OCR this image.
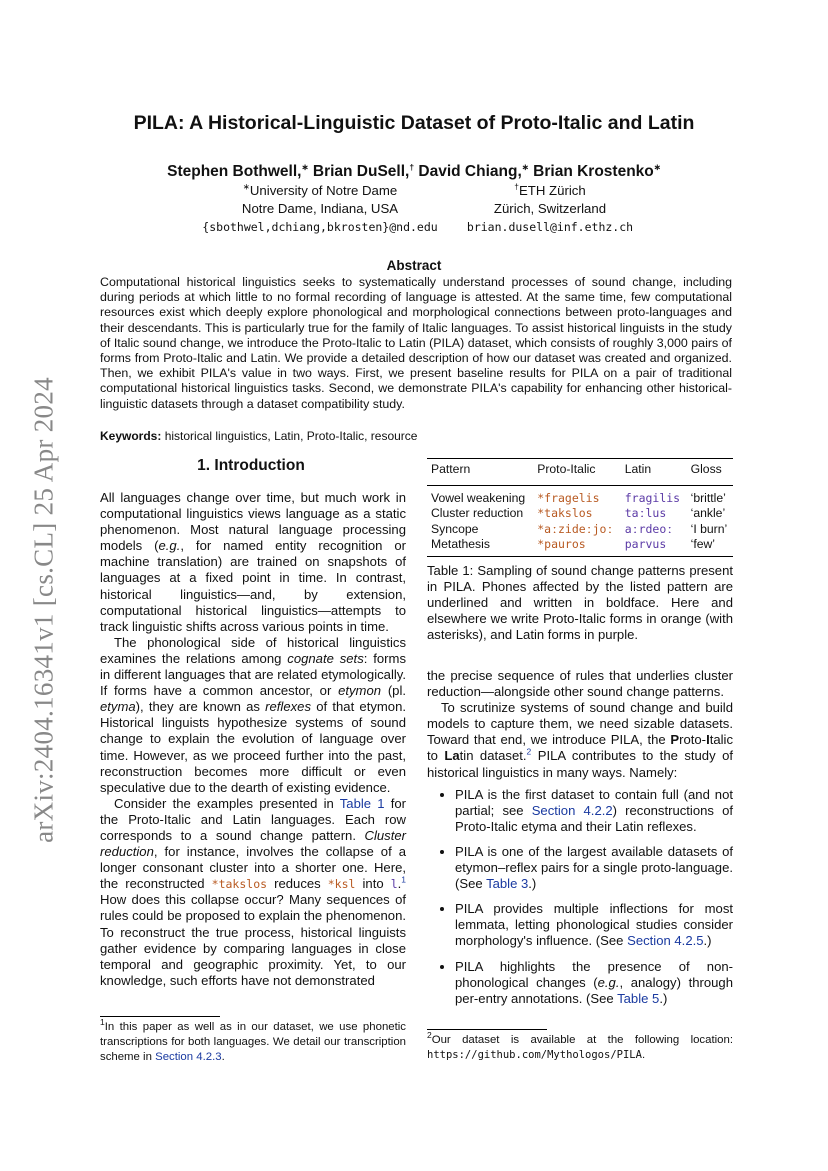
arXiv:2404.16341v1 [cs.CL] 25 Apr 2024
PILA: A Historical-Linguistic Dataset of Proto-Italic and Latin
Stephen Bothwell,∗ Brian DuSell,† David Chiang,∗ Brian Krostenko∗
∗University of Notre Dame
Notre Dame, Indiana, USA
{sbothwel,dchiang,bkrosten}@nd.edu
†ETH Zürich
Zürich, Switzerland
brian.dusell@inf.ethz.ch
Abstract
Computational historical linguistics seeks to systematically understand processes of sound change, including during periods at which little to no formal recording of language is attested. At the same time, few computational resources exist which deeply explore phonological and morphological connections between proto-languages and their descendants. This is particularly true for the family of Italic languages. To assist historical linguists in the study of Italic sound change, we introduce the Proto-Italic to Latin (PILA) dataset, which consists of roughly 3,000 pairs of forms from Proto-Italic and Latin. We provide a detailed description of how our dataset was created and organized. Then, we exhibit PILA's value in two ways. First, we present baseline results for PILA on a pair of traditional computational historical linguistics tasks. Second, we demonstrate PILA's capability for enhancing other historical-linguistic datasets through a dataset compatibility study.
Keywords: historical linguistics, Latin, Proto-Italic, resource
1. Introduction

All languages change over time, but much work in computational linguistics views language as a static phenomenon. Most natural language processing models (e.g., for named entity recognition or machine translation) are trained on snapshots of languages at a fixed point in time. In contrast, historical linguistics—and, by extension, computational historical linguistics—attempts to track linguistic shifts across various points in time.

The phonological side of historical linguistics examines the relations among cognate sets: forms in different languages that are related etymologically. If forms have a common ancestor, or etymon (pl. etyma), they are known as reflexes of that etymon. Historical linguists hypothesize systems of sound change to explain the evolution of language over time. However, as we proceed further into the past, reconstruction becomes more difficult or even speculative due to the dearth of existing evidence.

Consider the examples presented in Table 1 for the Proto-Italic and Latin languages. Each row corresponds to a sound change pattern. Cluster reduction, for instance, involves the collapse of a longer consonant cluster into a shorter one. Here, the reconstructed *takslos reduces *ksl into l.$^1$ How does this collapse occur? Many sequences of rules could be proposed to explain the phenomenon. To reconstruct the true process, historical linguists gather evidence by comparing languages in close temporal and geographic proximity. Yet, to our knowledge, such efforts have not demonstrated

Pattern	Proto-Italic	Latin	Gloss
Vowel weakening	*fragelis	fragilis	‘brittle’
Cluster reduction	*takslos	taːlus	‘ankle’
Syncope	*aːzideːjoː	aːrdeoː	‘I burn’
Metathesis	*pauros	parvus	‘few’
Table 1: Sampling of sound change patterns present in PILA. Phones affected by the listed pattern are underlined and written in boldface. Here and elsewhere we write Proto-Italic forms in orange (with asterisks), and Latin forms in purple.

the precise sequence of rules that underlies cluster reduction—alongside other sound change patterns.

To scrutinize systems of sound change and build models to capture them, we need sizable datasets. Toward that end, we introduce PILA, the Proto-Italic to Latin dataset.$^2$ PILA contributes to the study of historical linguistics in many ways. Namely:

• PILA is the first dataset to contain full (and not partial; see Section 4.2.2) reconstructions of Proto-Italic etyma and their Latin reflexes.
• PILA is one of the largest available datasets of etymon–reflex pairs for a single proto-language. (See Table 3.)
• PILA provides multiple inflections for most lemmata, letting phonological studies consider morphology's influence. (See Section 4.2.5.)
• PILA highlights the presence of non-phonological changes (e.g., analogy) through per-entry annotations. (See Table 5.)
$^1$In this paper as well as in our dataset, we use phonetic transcriptions for both languages. We detail our transcription scheme in Section 4.2.3.
$^2$Our dataset is available at the following location: https://github.com/Mythologos/PILA.
